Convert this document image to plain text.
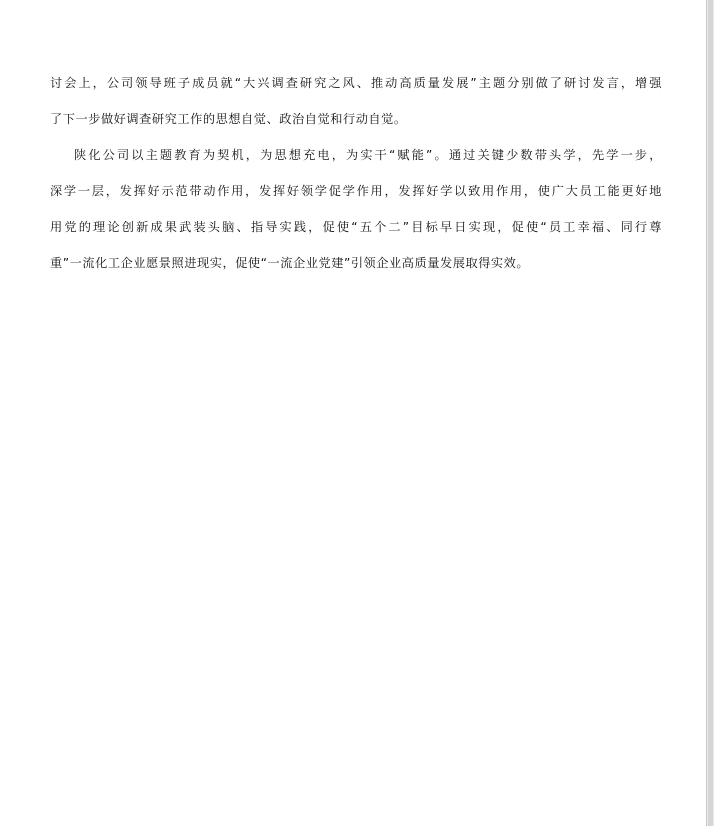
讨会上，公司领导班子成员就“大兴调查研究之风、推动高质量发展”主题分别做了研讨发言，增强
了下一步做好调查研究工作的思想自觉、政治自觉和行动自觉。
陕化公司以主题教育为契机，为思想充电，为实干“赋能”。通过关键少数带头学，先学一步，
深学一层，发挥好示范带动作用，发挥好领学促学作用，发挥好学以致用作用，使广大员工能更好地
用党的理论创新成果武装头脑、指导实践，促使“五个二”目标早日实现，促使“员工幸福、同行尊
重”一流化工企业愿景照进现实，促使“一流企业党建”引领企业高质量发展取得实效。
